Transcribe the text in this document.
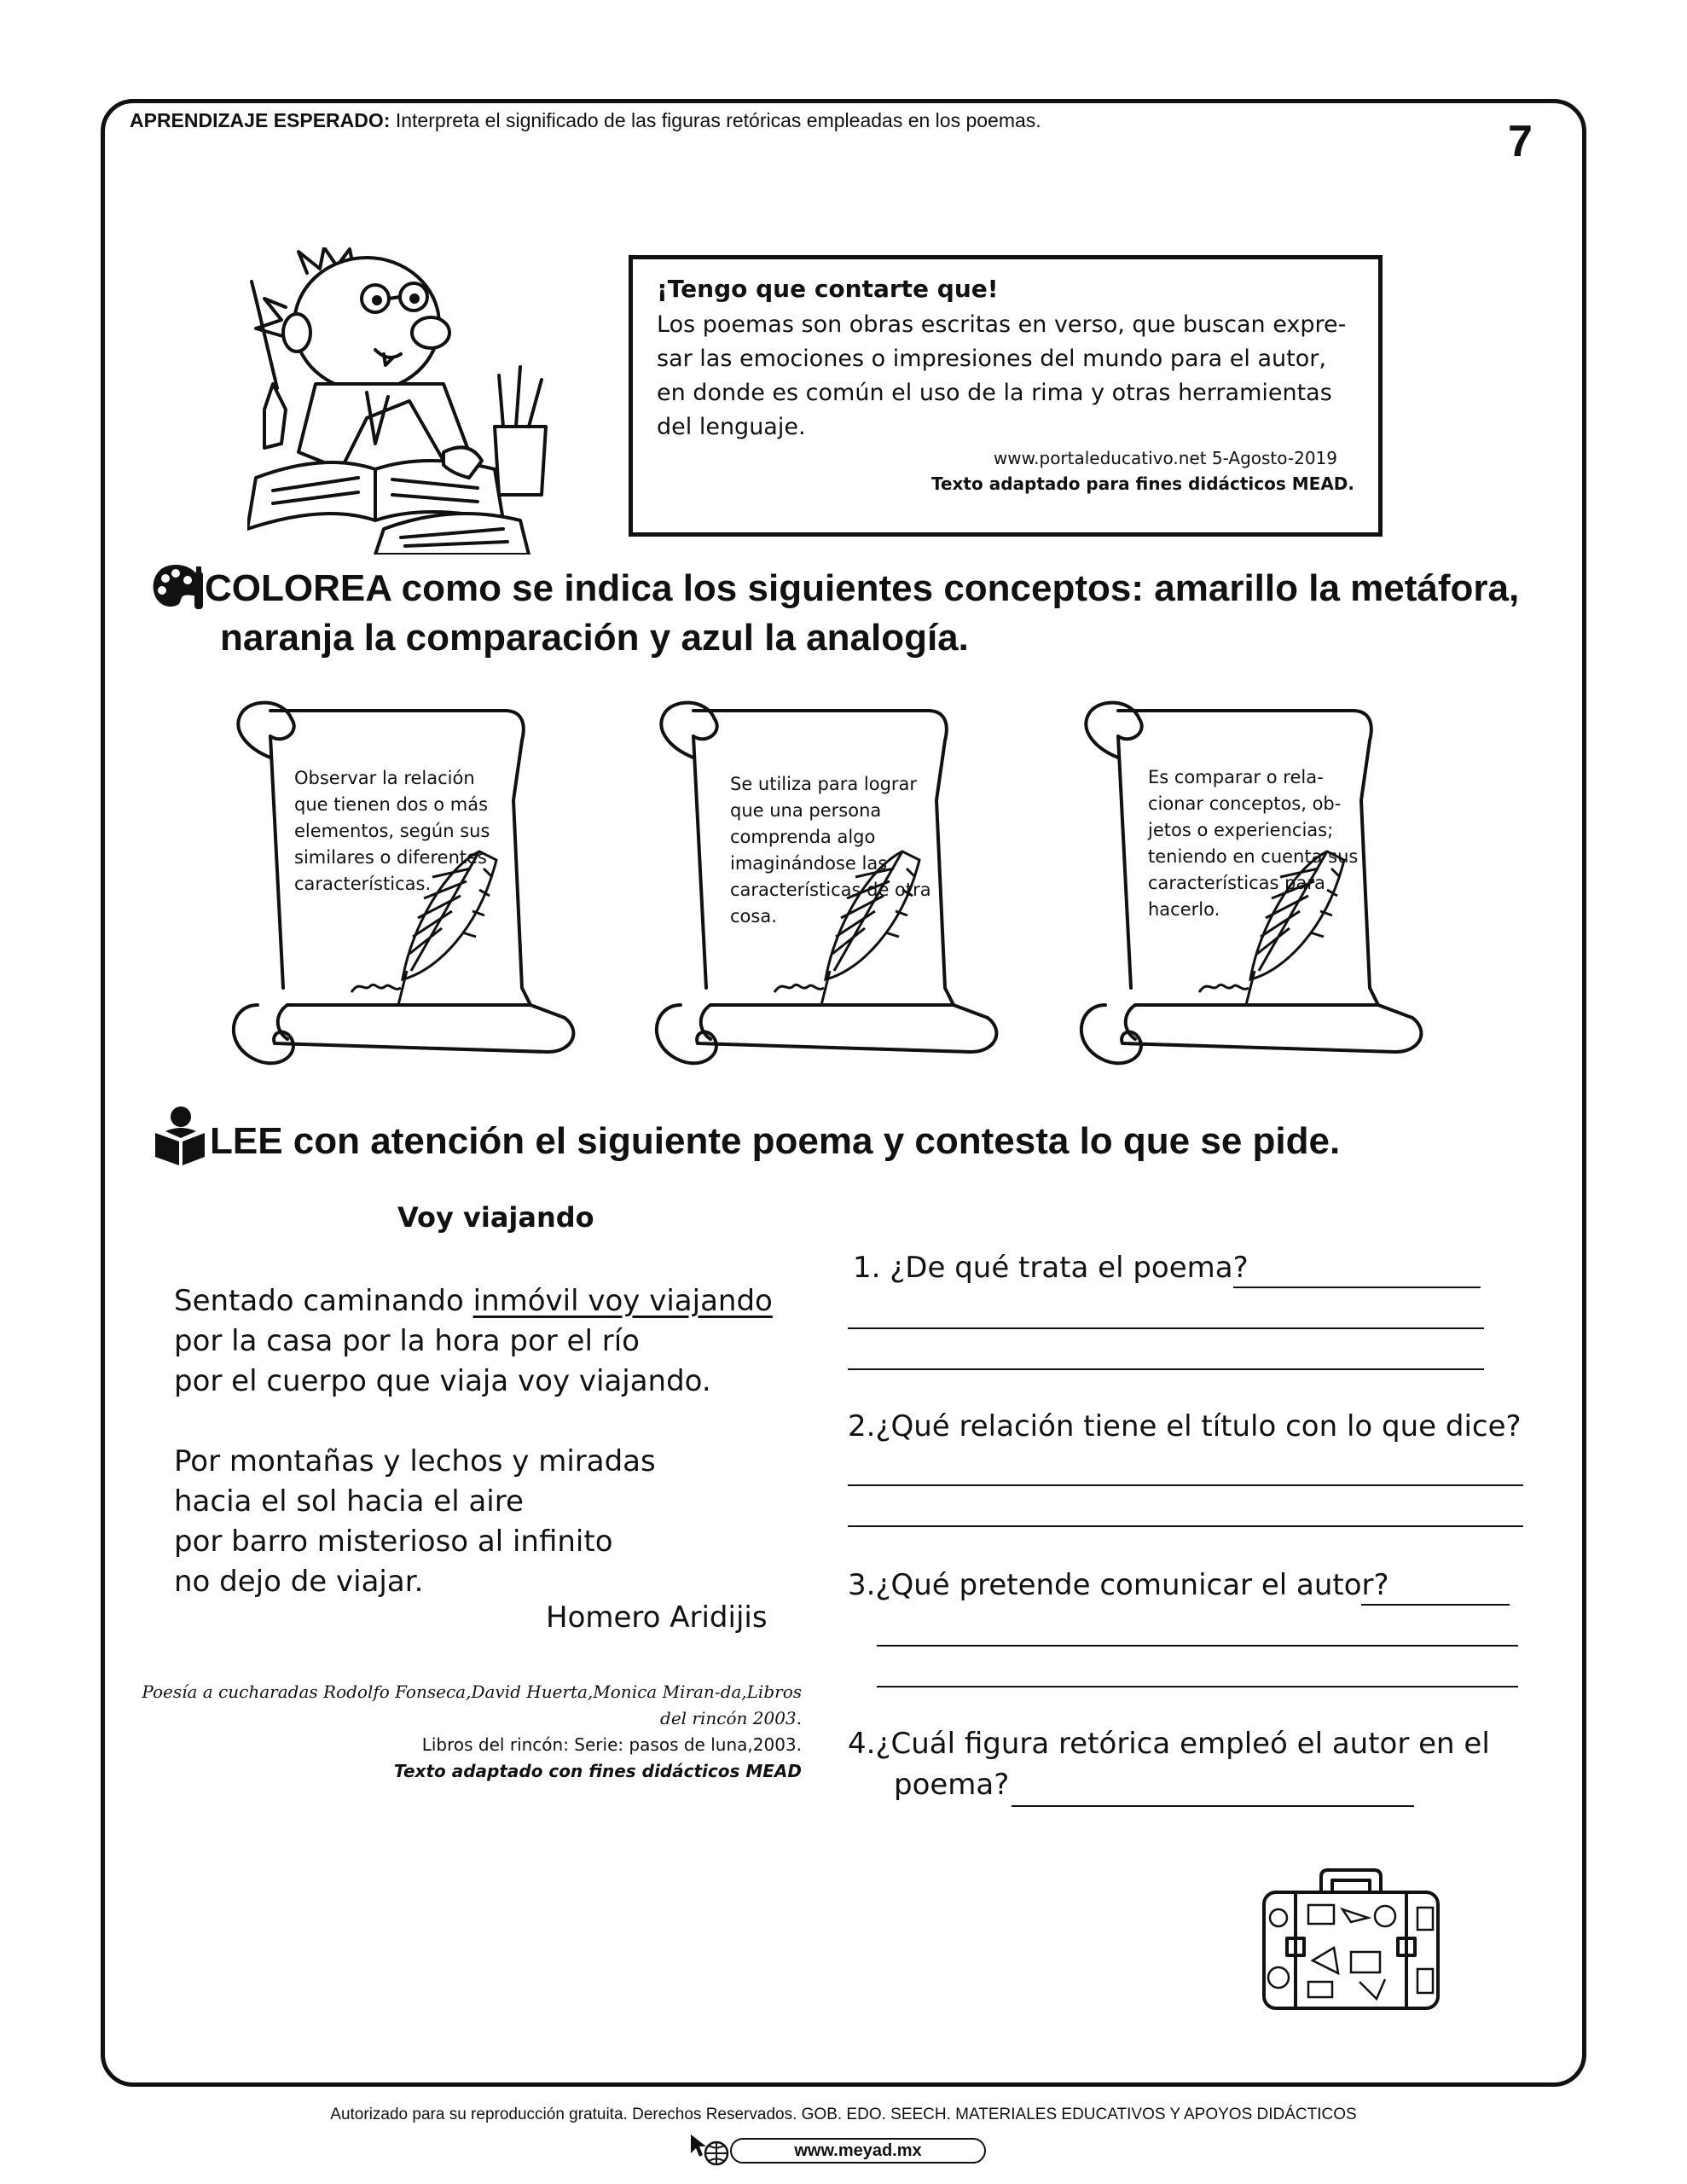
APRENDIZAJE ESPERADO: Interpreta el significado de las figuras retóricas empleadas en los poemas.	7
¡Tengo que contarte que!
Los poemas son obras escritas en verso, que buscan expre-sar las emociones o impresiones del mundo para el autor, en donde es común el uso de la rima y otras herramientas del lenguaje.
www.portaleducativo.net 5-Agosto-2019
Texto adaptado para fines didácticos MEAD.
COLOREA como se indica los siguientes conceptos: amarillo la metáfora,
naranja la comparación y azul la analogía.
Observar la relación que tienen dos o más elementos, según sus similares o diferentes características.
Se utiliza para lograr que una persona comprenda algo imaginándose las características de otra cosa.
Es comparar o rela-cionar conceptos, ob-jetos o experiencias; teniendo en cuenta sus características para hacerlo.
LEE con atención el siguiente poema y contesta lo que se pide.
Voy viajando
Sentado caminando inmóvil voy viajando
por la casa por la hora por el río
por el cuerpo que viaja voy viajando.
Por montañas y lechos y miradas
hacia el sol hacia el aire
por barro misterioso al infinito
no dejo de viajar.
Homero Aridijis
Poesía a cucharadas Rodolfo Fonseca,David Huerta,Monica Miran-da,Libros del rincón 2003.
Libros del rincón: Serie: pasos de luna,2003.
Texto adaptado con fines didácticos MEAD
1. ¿De qué trata el poema?
2.¿Qué relación tiene el título con lo que dice?
3.¿Qué pretende comunicar el autor?
4.¿Cuál figura retórica empleó el autor en el
poema?
Autorizado para su reproducción gratuita. Derechos Reservados. GOB. EDO. SEECH. MATERIALES EDUCATIVOS Y APOYOS DIDÁCTICOS
www.meyad.mx
